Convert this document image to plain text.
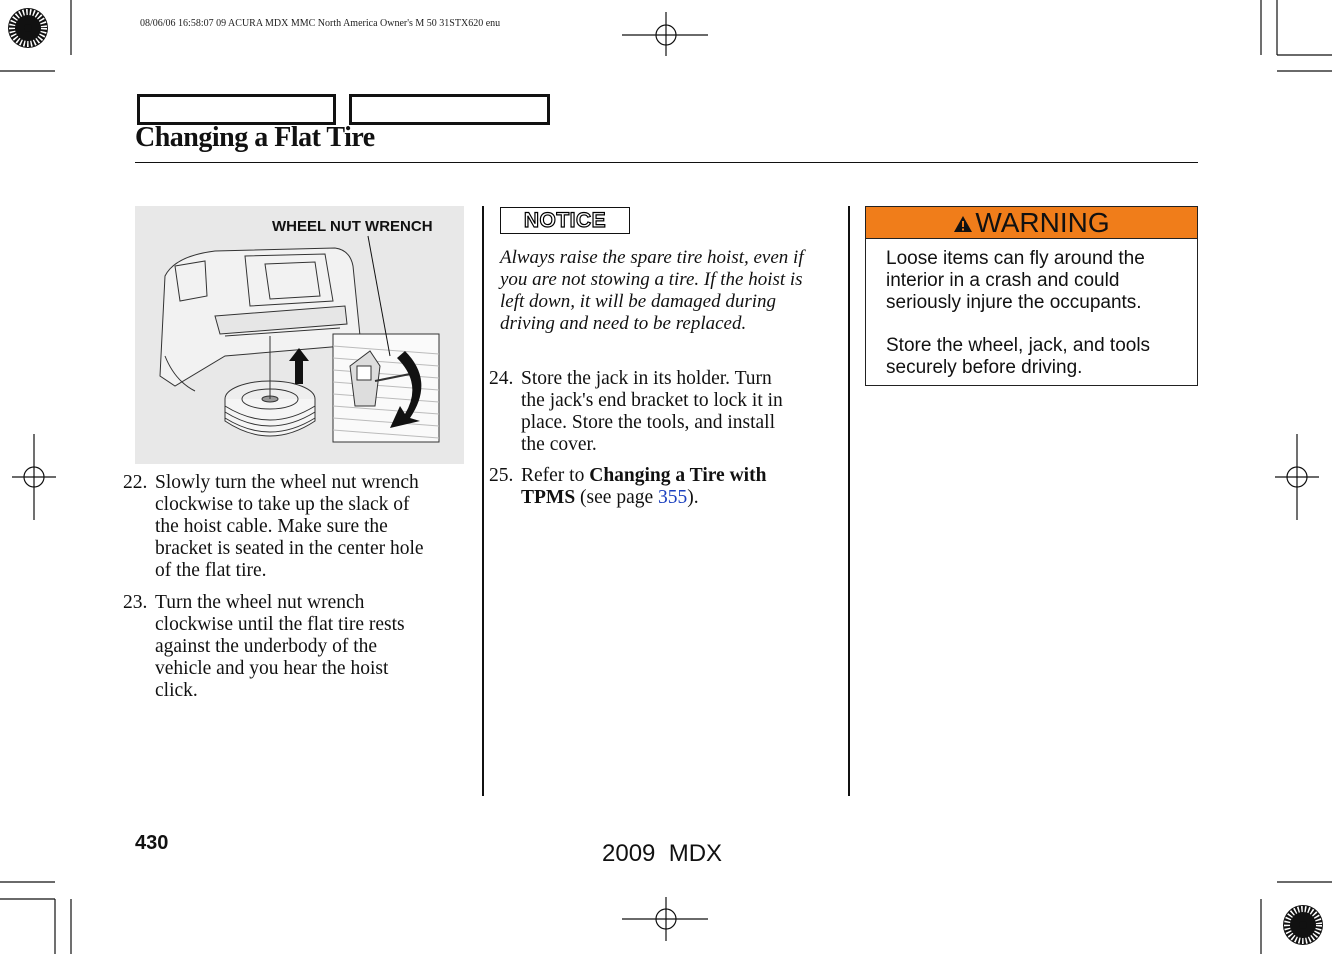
08/06/06 16:58:07 09 ACURA MDX MMC North America Owner's M 50 31STX620 enu
Changing a Flat Tire
WHEEL NUT WRENCH
22. Slowly turn the wheel nut wrench
clockwise to take up the slack of
the hoist cable. Make sure the
bracket is seated in the center hole
of the flat tire.
23. Turn the wheel nut wrench
clockwise until the flat tire rests
against the underbody of the
vehicle and you hear the hoist
click.
NOTICE
Always raise the spare tire hoist, even if
you are not stowing a tire. If the hoist is
left down, it will be damaged during
driving and need to be replaced.
24. Store the jack in its holder. Turn
the jack's end bracket to lock it in
place. Store the tools, and install
the cover.
25. Refer to Changing a Tire with
TPMS (see page 355).
WARNING
Loose items can fly around the
interior in a crash and could
seriously injure the occupants.
Store the wheel, jack, and tools
securely before driving.
430	2009  MDX
